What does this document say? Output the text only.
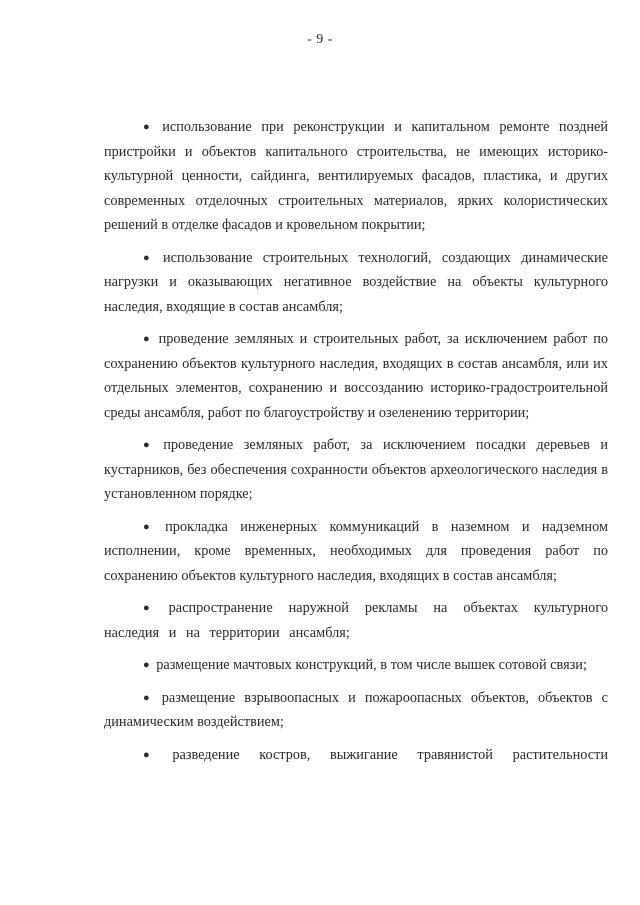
- 9 -

● использование при реконструкции и капитальном ремонте поздней пристройки и объектов капитального строительства, не имеющих историко-культурной ценности, сайдинга, вентилируемых фасадов, пластика, и других современных отделочных строительных материалов, ярких колористических решений в отделке фасадов и кровельном покрытии;

● использование строительных технологий, создающих динамические нагрузки и оказывающих негативное воздействие на объекты культурного наследия, входящие в состав ансамбля;

● проведение земляных и строительных работ, за исключением работ по сохранению объектов культурного наследия, входящих в состав ансамбля, или их отдельных элементов, сохранению и воссозданию историко-градостроительной среды ансамбля, работ по благоустройству и озеленению территории;

● проведение земляных работ, за исключением посадки деревьев и кустарников, без обеспечения сохранности объектов археологического наследия в установленном порядке;

● прокладка инженерных коммуникаций в наземном и надземном исполнении, кроме временных, необходимых для проведения работ по сохранению объектов культурного наследия, входящих в состав ансамбля;

● распространение наружной рекламы на объектах культурного наследия и на территории ансамбля;

● размещение мачтовых конструкций, в том числе вышек сотовой связи;

● размещение взрывоопасных и пожароопасных объектов, объектов с динамическим воздействием;

● разведение костров, выжигание травянистой растительности
